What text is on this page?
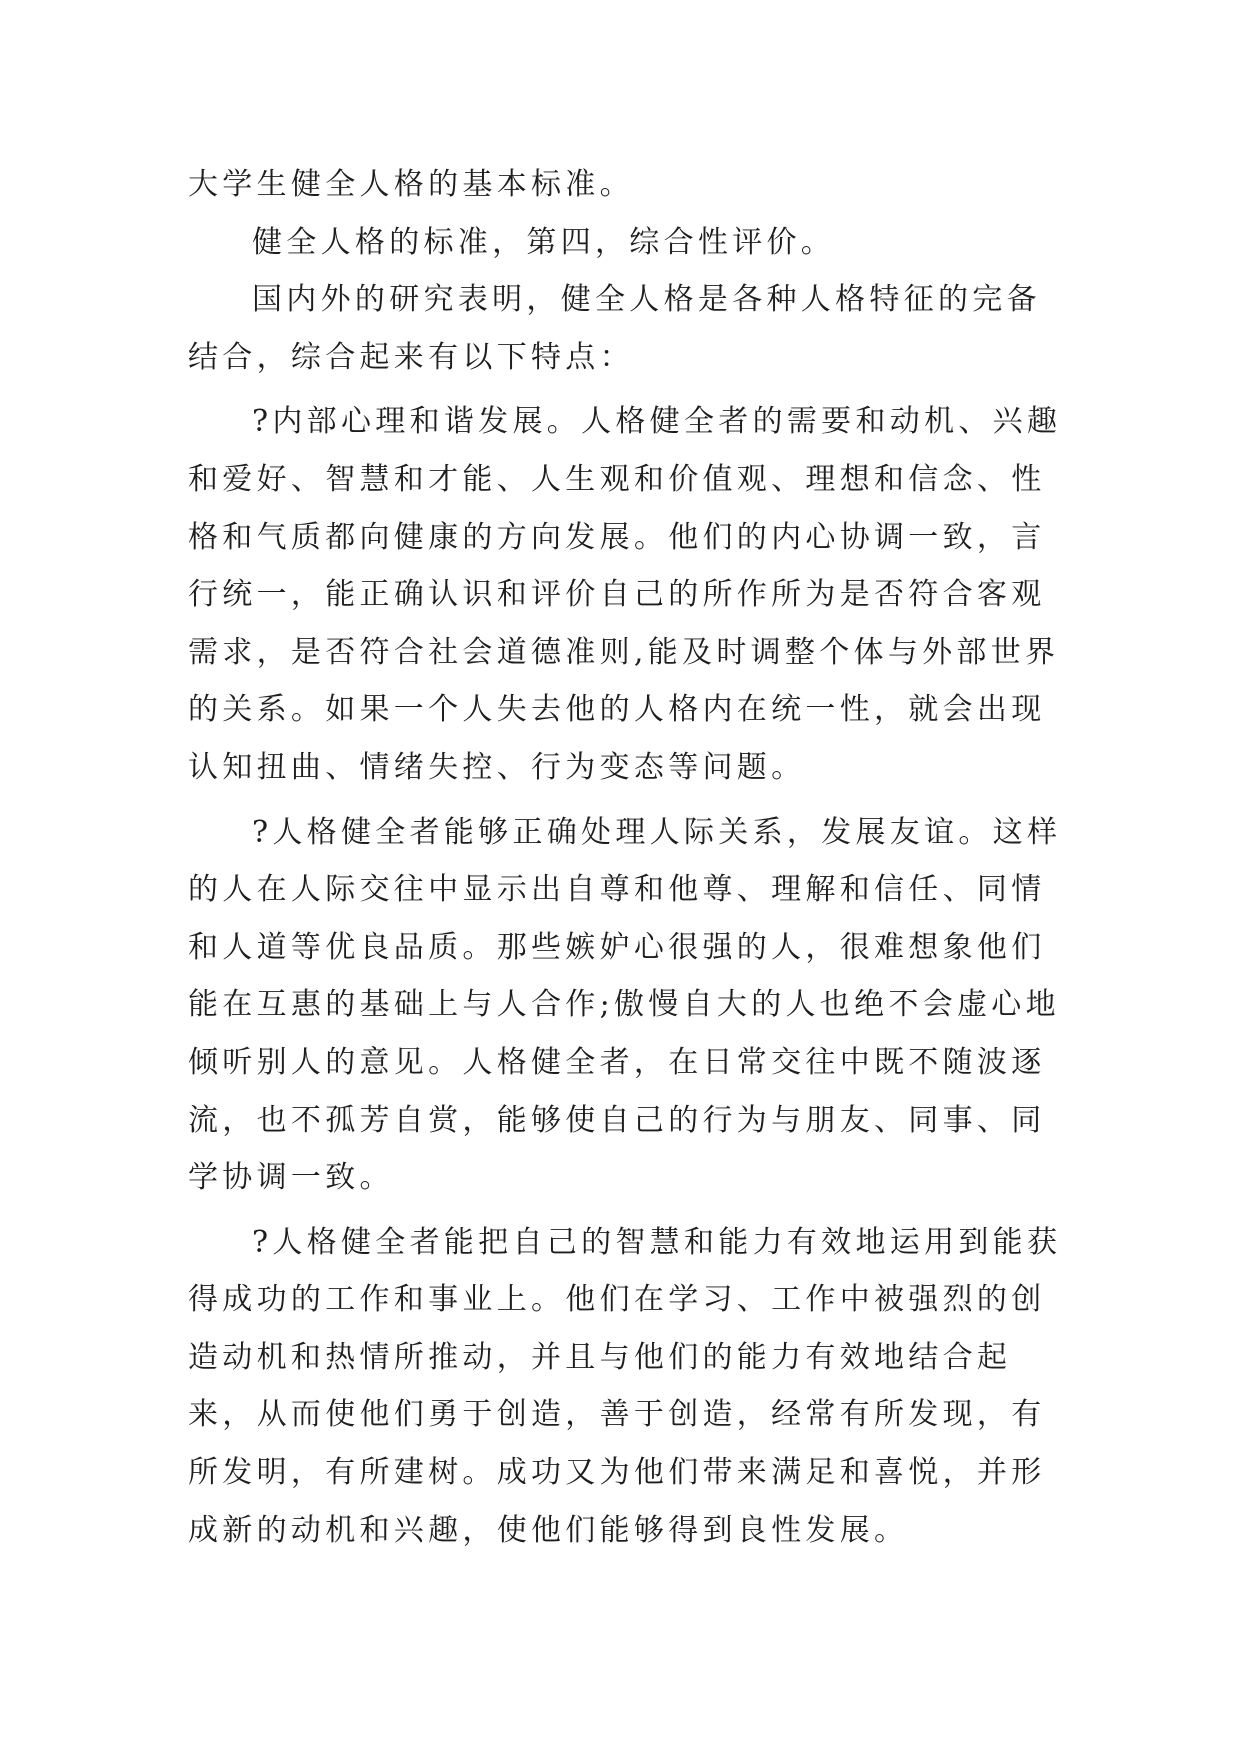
大学生健全人格的基本标准。

健全人格的标准，第四，综合性评价。

国内外的研究表明，健全人格是各种人格特征的完备结合，综合起来有以下特点：

?内部心理和谐发展。人格健全者的需要和动机、兴趣和爱好、智慧和才能、人生观和价值观、理想和信念、性格和气质都向健康的方向发展。他们的内心协调一致，言行统一，能正确认识和评价自己的所作所为是否符合客观需求，是否符合社会道德准则,能及时调整个体与外部世界的关系。如果一个人失去他的人格内在统一性，就会出现认知扭曲、情绪失控、行为变态等问题。

?人格健全者能够正确处理人际关系，发展友谊。这样的人在人际交往中显示出自尊和他尊、理解和信任、同情和人道等优良品质。那些嫉妒心很强的人，很难想象他们能在互惠的基础上与人合作;傲慢自大的人也绝不会虚心地倾听别人的意见。人格健全者，在日常交往中既不随波逐流，也不孤芳自赏，能够使自己的行为与朋友、同事、同学协调一致。

?人格健全者能把自己的智慧和能力有效地运用到能获得成功的工作和事业上。他们在学习、工作中被强烈的创造动机和热情所推动，并且与他们的能力有效地结合起来，从而使他们勇于创造，善于创造，经常有所发现，有所发明，有所建树。成功又为他们带来满足和喜悦，并形成新的动机和兴趣，使他们能够得到良性发展。
